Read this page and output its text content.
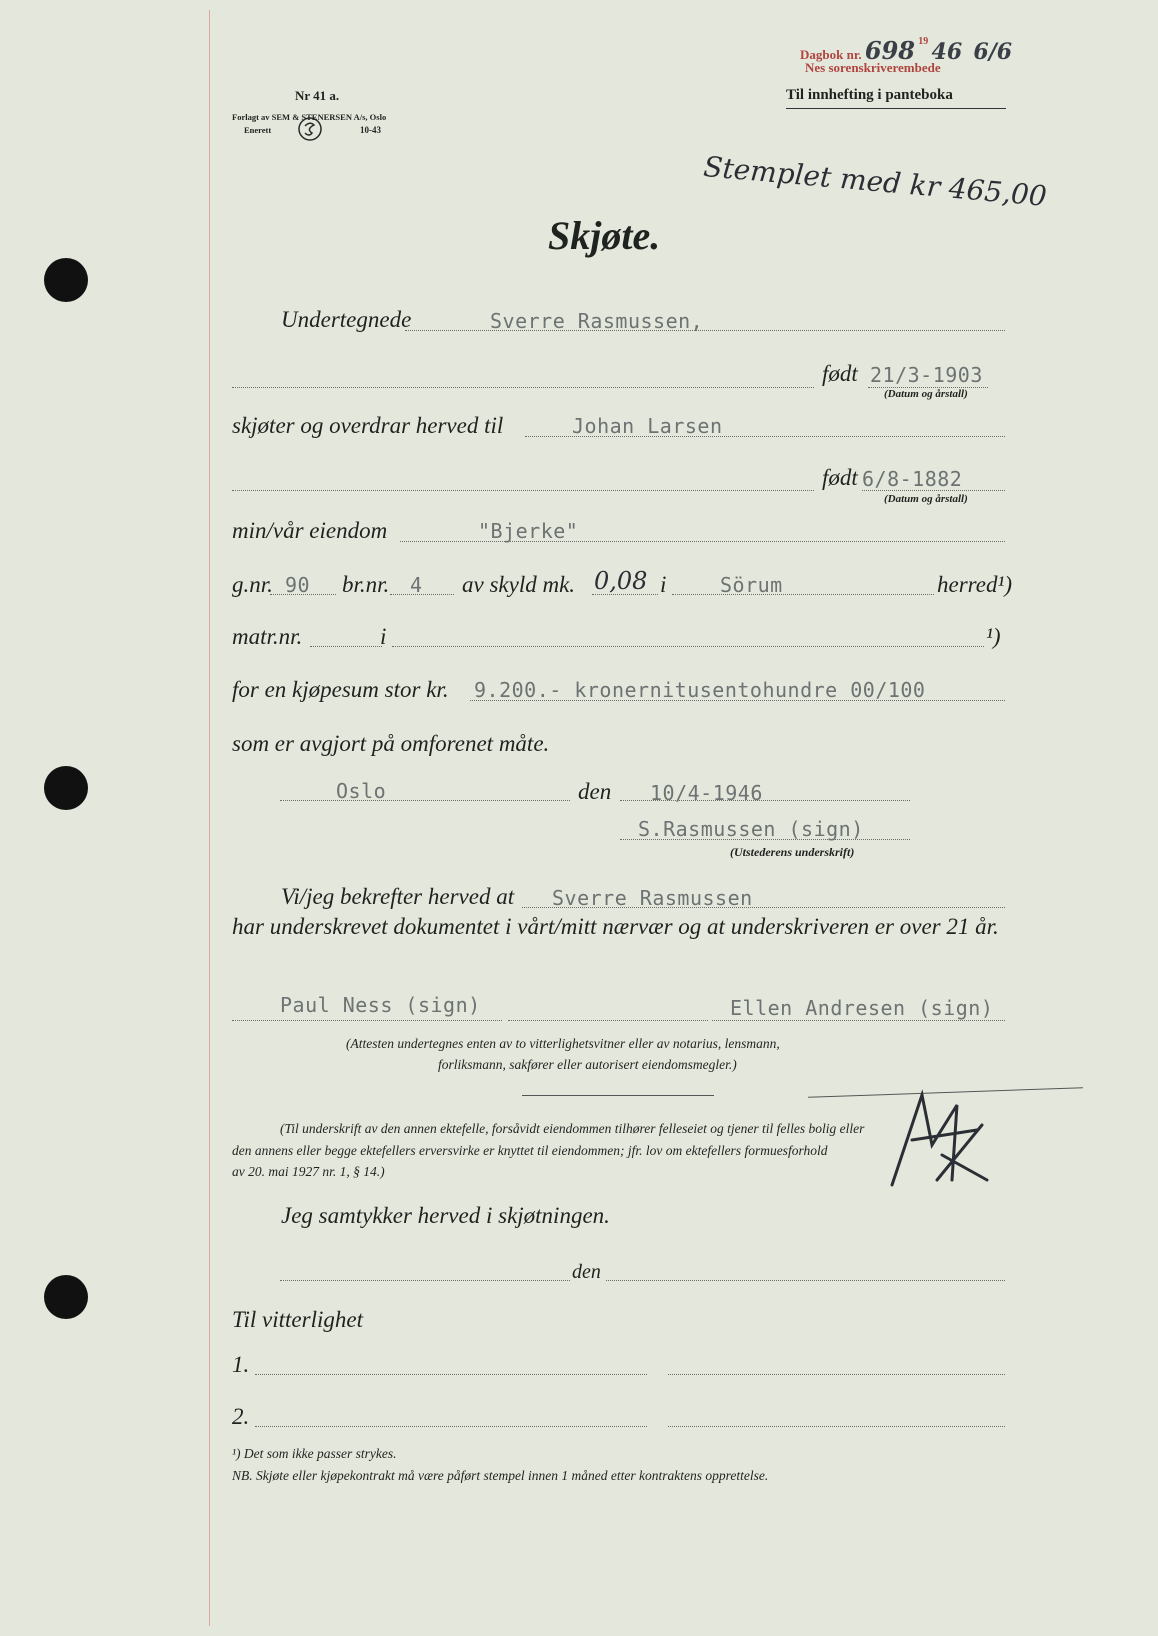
Dagbok nr. 698 $^{19}$ 46 6/6
Nes sorenskriverembede
Til innhefting i panteboka
Nr 41 a.
Forlagt av SEM & STENERSEN A/s, Oslo
Enerett	10-43
Stemplet med kr 465,00
Skjøte.
Undertegnede	Sverre Rasmussen,
født 21/3-1903
(Datum og årstall)
skjøter og overdrar herved til	Johan Larsen
født 6/8-1882
(Datum og årstall)
min/vår eiendom	"Bjerke"
g.nr. 90 br.nr. 4 av skyld mk. 0,08 i	Sörum	herred¹)
matr.nr.	i	¹)
for en kjøpesum stor kr. 9.200.- kronernitusentohundre 00/100
som er avgjort på omforenet måte.
Oslo	den 10/4-1946
S.Rasmussen (sign)
(Utstederens underskrift)
Vi/jeg bekrefter herved at Sverre Rasmussen
har underskrevet dokumentet i vårt/mitt nærvær og at underskriveren er over 21 år.
Paul Ness (sign)	Ellen Andresen (sign)
(Attesten undertegnes enten av to vitterlighetsvitner eller av notarius, lensmann,
forliksmann, sakfører eller autorisert eiendomsmegler.)
(Til underskrift av den annen ektefelle, forsåvidt eiendommen tilhører felleseiet og tjener til felles bolig eller
den annens eller begge ektefellers erversvirke er knyttet til eiendommen; jfr. lov om ektefellers formuesforhold
av 20. mai 1927 nr. 1, § 14.)
Jeg samtykker herved i skjøtningen.
den
Til vitterlighet
1.
2.
¹) Det som ikke passer strykes.
NB. Skjøte eller kjøpekontrakt må være påført stempel innen 1 måned etter kontraktens opprettelse.
